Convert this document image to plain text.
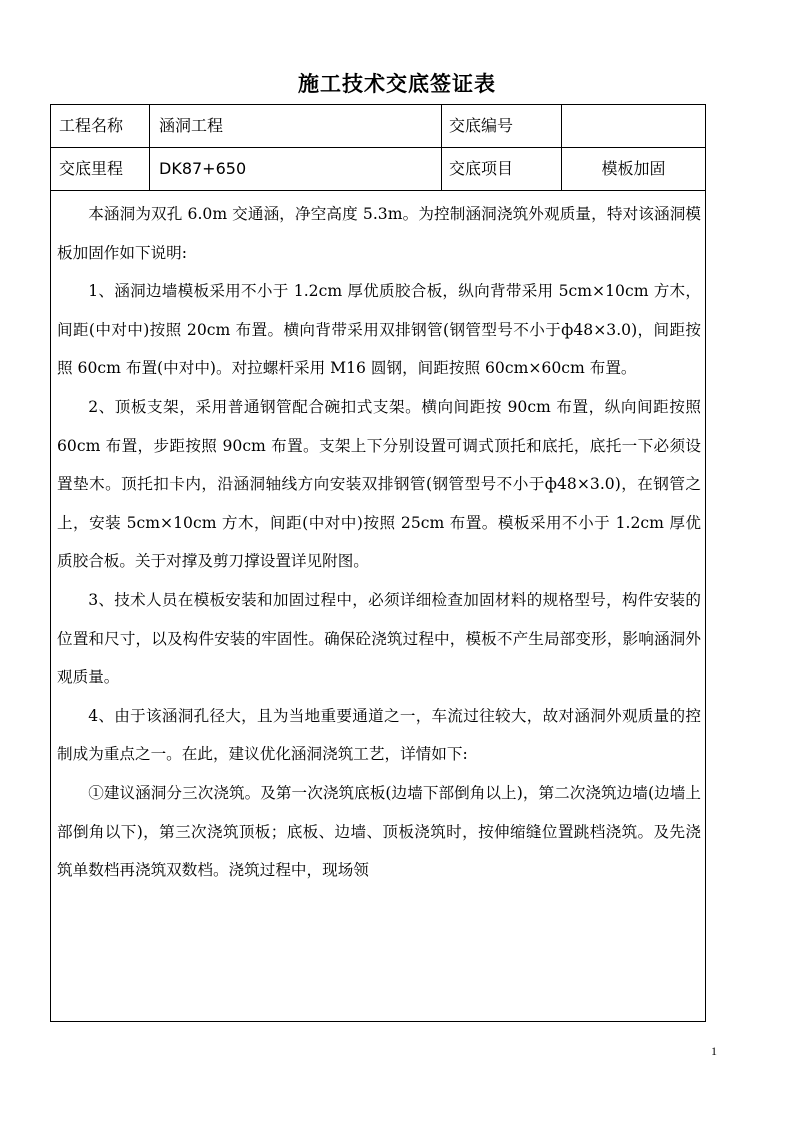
施工技术交底签证表
工程名称	涵洞工程	交底编号
交底里程	DK87+650	交底项目	模板加固

本涵洞为双孔 6.0m 交通涵，净空高度 5.3m。为控制涵洞浇筑外观质量，特对该涵洞模板加固作如下说明:

1、涵洞边墙模板采用不小于 1.2cm 厚优质胶合板，纵向背带采用 5cm×10cm 方木，间距(中对中)按照 20cm 布置。横向背带采用双排钢管(钢管型号不小于ф48×3.0)，间距按照 60cm 布置(中对中)。对拉螺杆采用 M16 圆钢，间距按照 60cm×60cm 布置。

2、顶板支架，采用普通钢管配合碗扣式支架。横向间距按 90cm 布置，纵向间距按照 60cm 布置，步距按照 90cm 布置。支架上下分别设置可调式顶托和底托，底托一下必须设置垫木。顶托扣卡内，沿涵洞轴线方向安装双排钢管(钢管型号不小于ф48×3.0)，在钢管之上，安装 5cm×10cm 方木，间距(中对中)按照 25cm 布置。模板采用不小于 1.2cm 厚优质胶合板。关于对撑及剪刀撑设置详见附图。

3、技术人员在模板安装和加固过程中，必须详细检查加固材料的规格型号，构件安装的位置和尺寸，以及构件安装的牢固性。确保砼浇筑过程中，模板不产生局部变形，影响涵洞外观质量。

4、由于该涵洞孔径大，且为当地重要通道之一，车流过往较大，故对涵洞外观质量的控制成为重点之一。在此，建议优化涵洞浇筑工艺，详情如下:

①建议涵洞分三次浇筑。及第一次浇筑底板(边墙下部倒角以上)，第二次浇筑边墙(边墙上部倒角以下)，第三次浇筑顶板；底板、边墙、顶板浇筑时，按伸缩缝位置跳档浇筑。及先浇筑单数档再浇筑双数档。浇筑过程中，现场领

1
